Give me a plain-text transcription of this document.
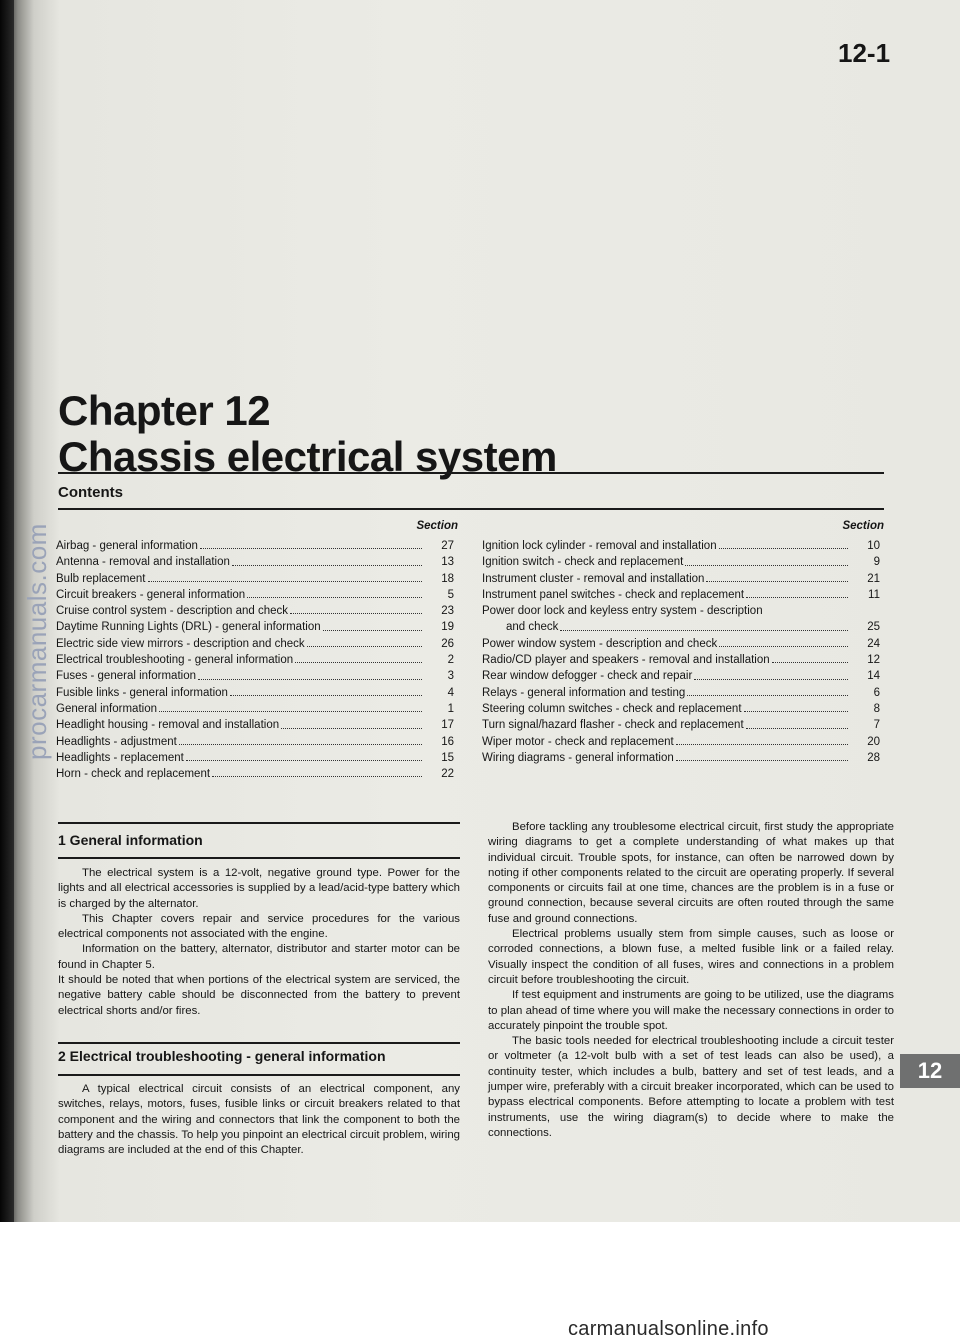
procarmanuals.com
12-1
Chapter 12
Chassis electrical system
Contents
Section
Airbag - general information	27
Antenna - removal and installation	13
Bulb replacement	18
Circuit breakers - general information	5
Cruise control system - description and check	23
Daytime Running Lights (DRL) - general information	19
Electric side view mirrors - description and check	26
Electrical troubleshooting - general information	2
Fuses - general information	3
Fusible links - general information	4
General information	1
Headlight housing - removal and installation	17
Headlights - adjustment	16
Headlights - replacement	15
Horn - check and replacement	22
Section
Ignition lock cylinder - removal and installation	10
Ignition switch - check and replacement	9
Instrument cluster - removal and installation	21
Instrument panel switches - check and replacement	11
Power door lock and keyless entry system - description
and check	25
Power window system - description and check	24
Radio/CD player and speakers - removal and installation	12
Rear window defogger - check and repair	14
Relays - general information and testing	6
Steering column switches - check and replacement	8
Turn signal/hazard flasher - check and replacement	7
Wiper motor - check and replacement	20
Wiring diagrams - general information	28
1 General information

The electrical system is a 12-volt, negative ground type. Power for the lights and all electrical accessories is supplied by a lead/acid-type battery which is charged by the alternator.

This Chapter covers repair and service procedures for the various electrical components not associated with the engine.

Information on the battery, alternator, distributor and starter motor can be found in Chapter 5.

It should be noted that when portions of the electrical system are serviced, the negative battery cable should be disconnected from the battery to prevent electrical shorts and/or fires.

2 Electrical troubleshooting - general information

A typical electrical circuit consists of an electrical component, any switches, relays, motors, fuses, fusible links or circuit breakers related to that component and the wiring and connectors that link the component to both the battery and the chassis. To help you pinpoint an electrical circuit problem, wiring diagrams are included at the end of this Chapter.

Before tackling any troublesome electrical circuit, first study the appropriate wiring diagrams to get a complete understanding of what makes up that individual circuit. Trouble spots, for instance, can often be narrowed down by noting if other components related to the circuit are operating properly. If several components or circuits fail at one time, chances are the problem is in a fuse or ground connection, because several circuits are often routed through the same fuse and ground connections.

Electrical problems usually stem from simple causes, such as loose or corroded connections, a blown fuse, a melted fusible link or a failed relay. Visually inspect the condition of all fuses, wires and connections in a problem circuit before troubleshooting the circuit.

If test equipment and instruments are going to be utilized, use the diagrams to plan ahead of time where you will make the necessary connections in order to accurately pinpoint the trouble spot.

The basic tools needed for electrical troubleshooting include a circuit tester or voltmeter (a 12-volt bulb with a set of test leads can also be used), a continuity tester, which includes a bulb, battery and set of test leads, and a jumper wire, preferably with a circuit breaker incorporated, which can be used to bypass electrical components. Before attempting to locate a problem with test instruments, use the wiring diagram(s) to decide where to make the connections.

12
carmanualsonline.info
